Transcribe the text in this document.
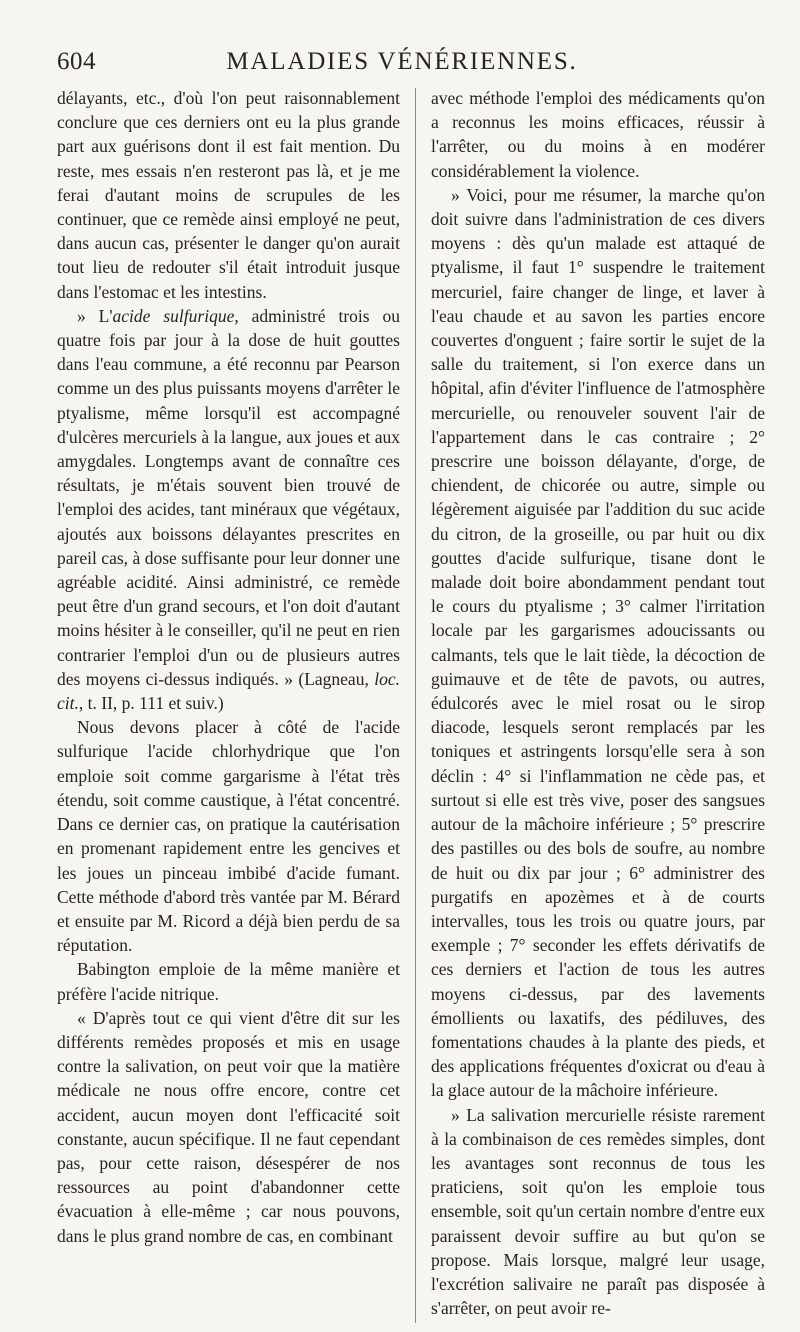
604	MALADIES VÉNÉRIENNES.

délayants, etc., d'où l'on peut raisonnablement conclure que ces derniers ont eu la plus grande part aux guérisons dont il est fait mention. Du reste, mes essais n'en resteront pas là, et je me ferai d'autant moins de scrupules de les continuer, que ce remède ainsi employé ne peut, dans aucun cas, présenter le danger qu'on aurait tout lieu de redouter s'il était introduit jusque dans l'estomac et les intestins.

» L'acide sulfurique, administré trois ou quatre fois par jour à la dose de huit gouttes dans l'eau commune, a été reconnu par Pearson comme un des plus puissants moyens d'arrêter le ptyalisme, même lorsqu'il est accompagné d'ulcères mercuriels à la langue, aux joues et aux amygdales. Longtemps avant de connaître ces résultats, je m'étais souvent bien trouvé de l'emploi des acides, tant minéraux que végétaux, ajoutés aux boissons délayantes prescrites en pareil cas, à dose suffisante pour leur donner une agréable acidité. Ainsi administré, ce remède peut être d'un grand secours, et l'on doit d'autant moins hésiter à le conseiller, qu'il ne peut en rien contrarier l'emploi d'un ou de plusieurs autres des moyens ci-dessus indiqués. » (Lagneau, loc. cit., t. II, p. 111 et suiv.)

Nous devons placer à côté de l'acide sulfurique l'acide chlorhydrique que l'on emploie soit comme gargarisme à l'état très étendu, soit comme caustique, à l'état concentré. Dans ce dernier cas, on pratique la cautérisation en promenant rapidement entre les gencives et les joues un pinceau imbibé d'acide fumant. Cette méthode d'abord très vantée par M. Bérard et ensuite par M. Ricord a déjà bien perdu de sa réputation.

Babington emploie de la même manière et préfère l'acide nitrique.

« D'après tout ce qui vient d'être dit sur les différents remèdes proposés et mis en usage contre la salivation, on peut voir que la matière médicale ne nous offre encore, contre cet accident, aucun moyen dont l'efficacité soit constante, aucun spécifique. Il ne faut cependant pas, pour cette raison, désespérer de nos ressources au point d'abandonner cette évacuation à elle-même ; car nous pouvons, dans le plus grand nombre de cas, en combinant

avec méthode l'emploi des médicaments qu'on a reconnus les moins efficaces, réussir à l'arrêter, ou du moins à en modérer considérablement la violence.

» Voici, pour me résumer, la marche qu'on doit suivre dans l'administration de ces divers moyens : dès qu'un malade est attaqué de ptyalisme, il faut 1° suspendre le traitement mercuriel, faire changer de linge, et laver à l'eau chaude et au savon les parties encore couvertes d'onguent ; faire sortir le sujet de la salle du traitement, si l'on exerce dans un hôpital, afin d'éviter l'influence de l'atmosphère mercurielle, ou renouveler souvent l'air de l'appartement dans le cas contraire ; 2° prescrire une boisson délayante, d'orge, de chiendent, de chicorée ou autre, simple ou légèrement aiguisée par l'addition du suc acide du citron, de la groseille, ou par huit ou dix gouttes d'acide sulfurique, tisane dont le malade doit boire abondamment pendant tout le cours du ptyalisme ; 3° calmer l'irritation locale par les gargarismes adoucissants ou calmants, tels que le lait tiède, la décoction de guimauve et de tête de pavots, ou autres, édulcorés avec le miel rosat ou le sirop diacode, lesquels seront remplacés par les toniques et astringents lorsqu'elle sera à son déclin : 4° si l'inflammation ne cède pas, et surtout si elle est très vive, poser des sangsues autour de la mâchoire inférieure ; 5° prescrire des pastilles ou des bols de soufre, au nombre de huit ou dix par jour ; 6° administrer des purgatifs en apozèmes et à de courts intervalles, tous les trois ou quatre jours, par exemple ; 7° seconder les effets dérivatifs de ces derniers et l'action de tous les autres moyens ci-dessus, par des lavements émollients ou laxatifs, des pédiluves, des fomentations chaudes à la plante des pieds, et des applications fréquentes d'oxicrat ou d'eau à la glace autour de la mâchoire inférieure.

» La salivation mercurielle résiste rarement à la combinaison de ces remèdes simples, dont les avantages sont reconnus de tous les praticiens, soit qu'on les emploie tous ensemble, soit qu'un certain nombre d'entre eux paraissent devoir suffire au but qu'on se propose. Mais lorsque, malgré leur usage, l'excrétion salivaire ne paraît pas disposée à s'arrêter, on peut avoir re-
